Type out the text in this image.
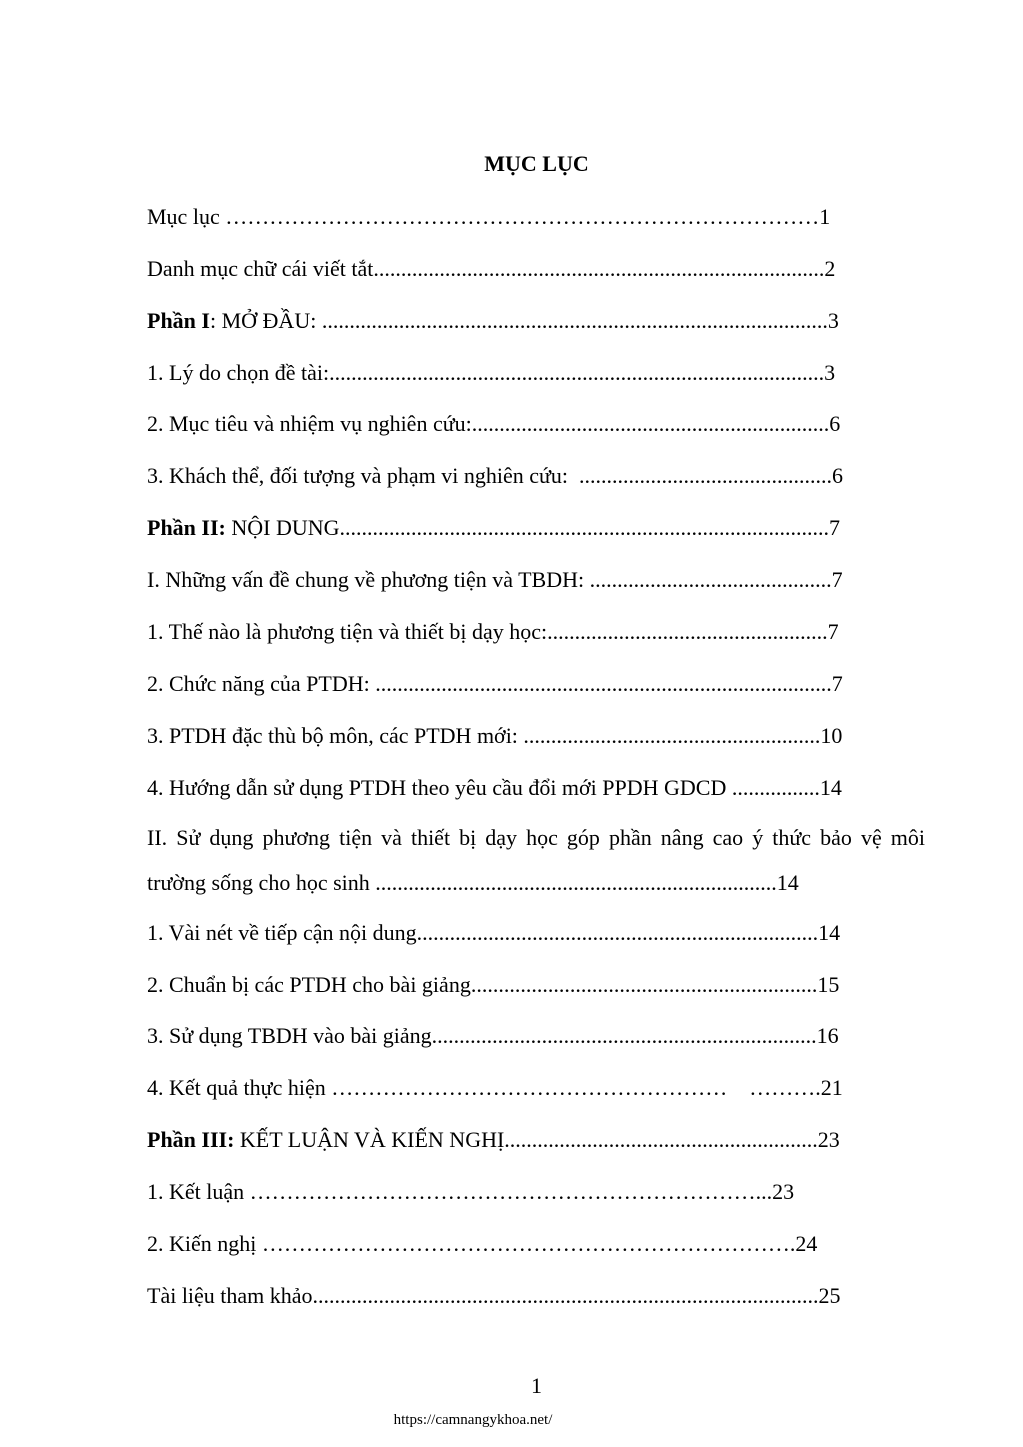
MỤC LỤC
Mục lục ………………………………………………………………………1
Danh mục chữ cái viết tắt..................................................................................2
Phần I: MỞ ĐẦU: ............................................................................................3
1. Lý do chọn đề tài:..........................................................................................3
2. Mục tiêu và nhiệm vụ nghiên cứu:.................................................................6
3. Khách thể, đối tượng và phạm vi nghiên cứu:  ..............................................6
Phần II: NỘI DUNG.........................................................................................7
I. Những vấn đề chung về phương tiện và TBDH: ............................................7
1. Thế nào là phương tiện và thiết bị dạy học:...................................................7
2. Chức năng của PTDH: ...................................................................................7
3. PTDH đặc thù bộ môn, các PTDH mới: ......................................................10
4. Hướng dẫn sử dụng PTDH theo yêu cầu đổi mới PPDH GDCD ................14
II. Sử dụng phương tiện và thiết bị dạy học góp phần nâng cao ý thức bảo vệ môi trường sống cho học sinh .........................................................................14
1. Vài nét về tiếp cận nội dung.........................................................................14
2. Chuẩn bị các PTDH cho bài giảng...............................................................15
3. Sử dụng TBDH vào bài giảng......................................................................16
4. Kết quả thực hiện ………………………………………………    ……….21
Phần III: KẾT LUẬN VÀ KIẾN NGHỊ.........................................................23
1. Kết luận ……………………………………………………………...23
2. Kiến nghị ……………………………………………………………….24
Tài liệu tham khảo............................................................................................25
1
https://camnangykhoa.net/
